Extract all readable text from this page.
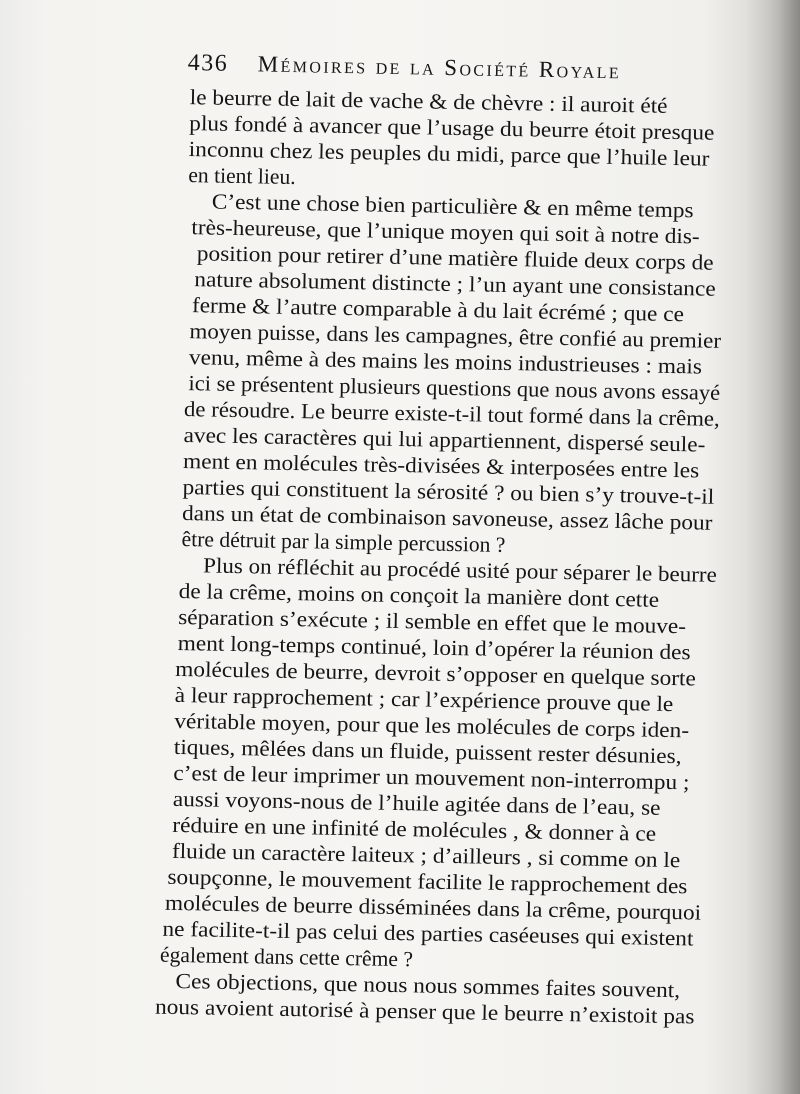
436 Mémoires de la Société Royale
le beurre de lait de vache & de chèvre : il auroit été
plus fondé à avancer que l’usage du beurre étoit presque
inconnu chez les peuples du midi, parce que l’huile leur
en tient lieu.
C’est une chose bien particulière & en même temps
très-heureuse, que l’unique moyen qui soit à notre dis-
position pour retirer d’une matière fluide deux corps de
nature absolument distincte ; l’un ayant une consistance
ferme & l’autre comparable à du lait écrémé ; que ce
moyen puisse, dans les campagnes, être confié au premier
venu, même à des mains les moins industrieuses : mais
ici se présentent plusieurs questions que nous avons essayé
de résoudre. Le beurre existe-t-il tout formé dans la crême,
avec les caractères qui lui appartiennent, dispersé seule-
ment en molécules très-divisées & interposées entre les
parties qui constituent la sérosité ? ou bien s’y trouve-t-il
dans un état de combinaison savoneuse, assez lâche pour
être détruit par la simple percussion ?
Plus on réfléchit au procédé usité pour séparer le beurre
de la crême, moins on conçoit la manière dont cette
séparation s’exécute ; il semble en effet que le mouve-
ment long-temps continué, loin d’opérer la réunion des
molécules de beurre, devroit s’opposer en quelque sorte
à leur rapprochement ; car l’expérience prouve que le
véritable moyen, pour que les molécules de corps iden-
tiques, mêlées dans un fluide, puissent rester désunies,
c’est de leur imprimer un mouvement non-interrompu ;
aussi voyons-nous de l’huile agitée dans de l’eau, se
réduire en une infinité de molécules , & donner à ce
fluide un caractère laiteux ; d’ailleurs , si comme on le
soupçonne, le mouvement facilite le rapprochement des
molécules de beurre disséminées dans la crême, pourquoi
ne facilite-t-il pas celui des parties caséeuses qui existent
également dans cette crême ?
Ces objections, que nous nous sommes faites souvent,
nous avoient autorisé à penser que le beurre n’existoit pas
